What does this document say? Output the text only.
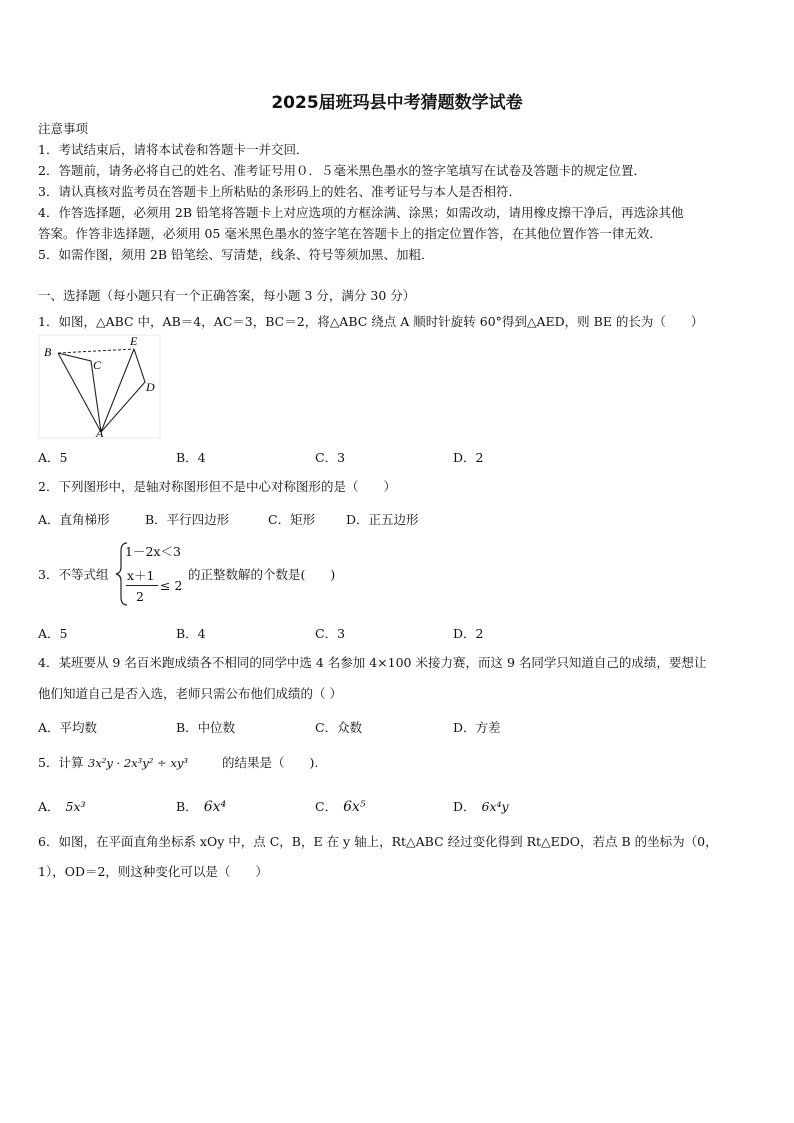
2025届班玛县中考猜题数学试卷
注意事项
1．考试结束后，请将本试卷和答题卡一并交回．
2．答题前，请务必将自己的姓名、准考证号用０．５毫米黑色墨水的签字笔填写在试卷及答题卡的规定位置．
3．请认真核对监考员在答题卡上所粘贴的条形码上的姓名、准考证号与本人是否相符．
4．作答选择题，必须用 2B 铅笔将答题卡上对应选项的方框涂满、涂黑；如需改动，请用橡皮擦干净后，再选涂其他
答案。作答非选择题，必须用 05 毫米黑色墨水的签字笔在答题卡上的指定位置作答，在其他位置作答一律无效．
5．如需作图，须用 2B 铅笔绘、写清楚，线条、符号等须加黑、加粗．
一、选择题（每小题只有一个正确答案，每小题 3 分，满分 30 分）
1．如图，△ABC 中，AB＝4，AC＝3，BC＝2，将△ABC 绕点 A 顺时针旋转 60°得到△AED，则 BE 的长为（　　）
B
C
E
D
A
A．5	B．4	C．3	D．2
2．下列图形中，是轴对称图形但不是中心对称图形的是（　　）
A．直角梯形	B．平行四边形	C．矩形 D．正五边形
3．不等式组
1－2x＜3
x＋1
2
≤ 2
的正整数解的个数是(　　)
A．5	B．4	C．3	D．2
4．某班要从 9 名百米跑成绩各不相同的同学中选 4 名参加 4×100 米接力赛，而这 9 名同学只知道自己的成绩，要想让
他们知道自己是否入选，老师只需公布他们成绩的（ ）
A．平均数	B．中位数	C．众数	D．方差
5．计算 3x²y · 2x³y² ÷ xy³	的结果是（　　).
A． 5x³	B． 6x⁴	C． 6x⁵	D． 6x⁴y
6．如图，在平面直角坐标系 xOy 中，点 C，B，E 在 y 轴上，Rt△ABC 经过变化得到 Rt△EDO，若点 B 的坐标为（0，
1），OD＝2，则这种变化可以是（　　）
